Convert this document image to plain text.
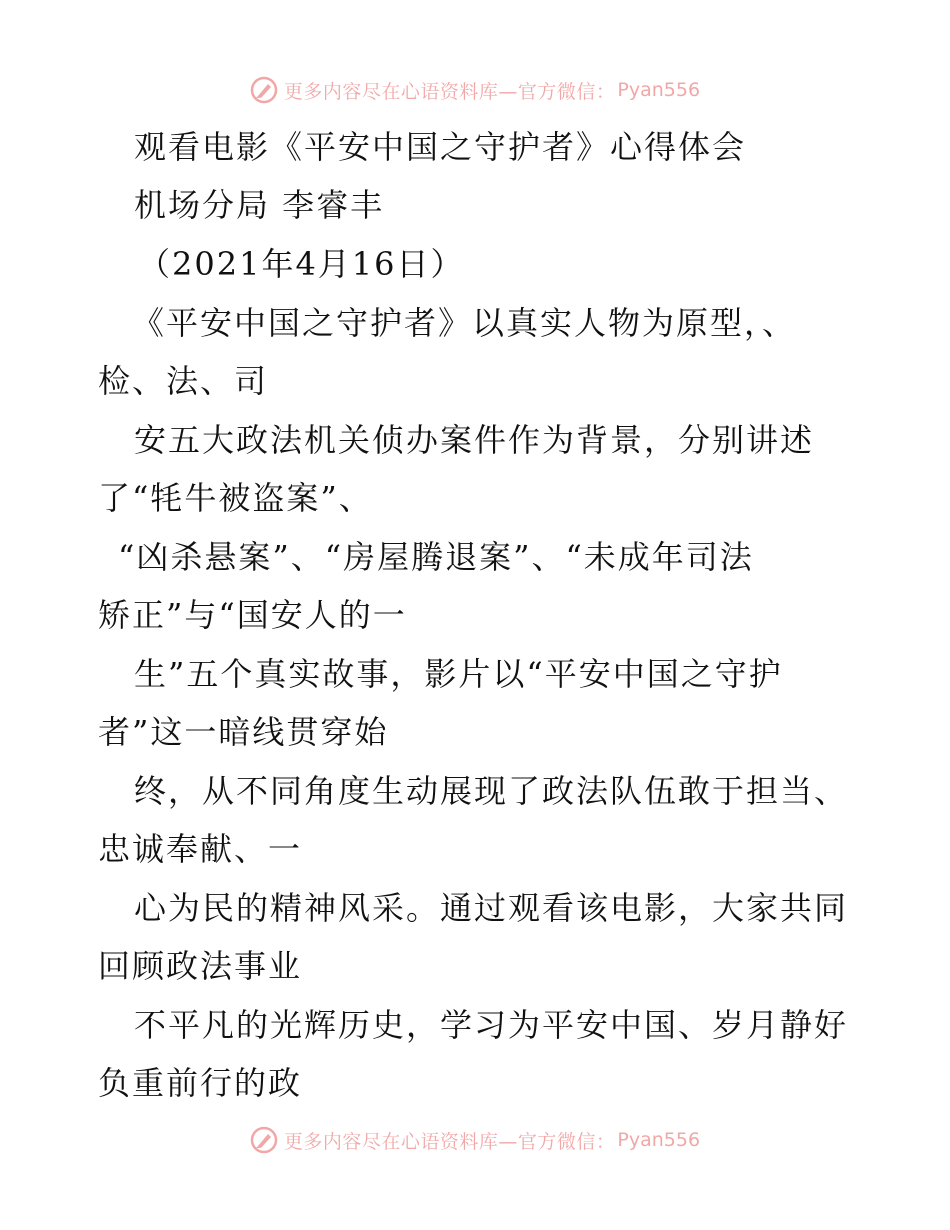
更多内容尽在心语资料库—官方微信： Pyan556
观看电影《平安中国之守护者》心得体会
机场分局 李睿丰
（2021年4月16日）
《平安中国之守护者》以真实人物为原型，、
检、法、司
安五大政法机关侦办案件作为背景，分别讲述
了“牦牛被盗案”、
“凶杀悬案”、“房屋腾退案”、“未成年司法
矫正”与“国安人的一
生”五个真实故事，影片以“平安中国之守护
者”这一暗线贯穿始
终，从不同角度生动展现了政法队伍敢于担当、
忠诚奉献、一
心为民的精神风采。通过观看该电影，大家共同
回顾政法事业
不平凡的光辉历史，学习为平安中国、岁月静好
负重前行的政
更多内容尽在心语资料库—官方微信： Pyan556
